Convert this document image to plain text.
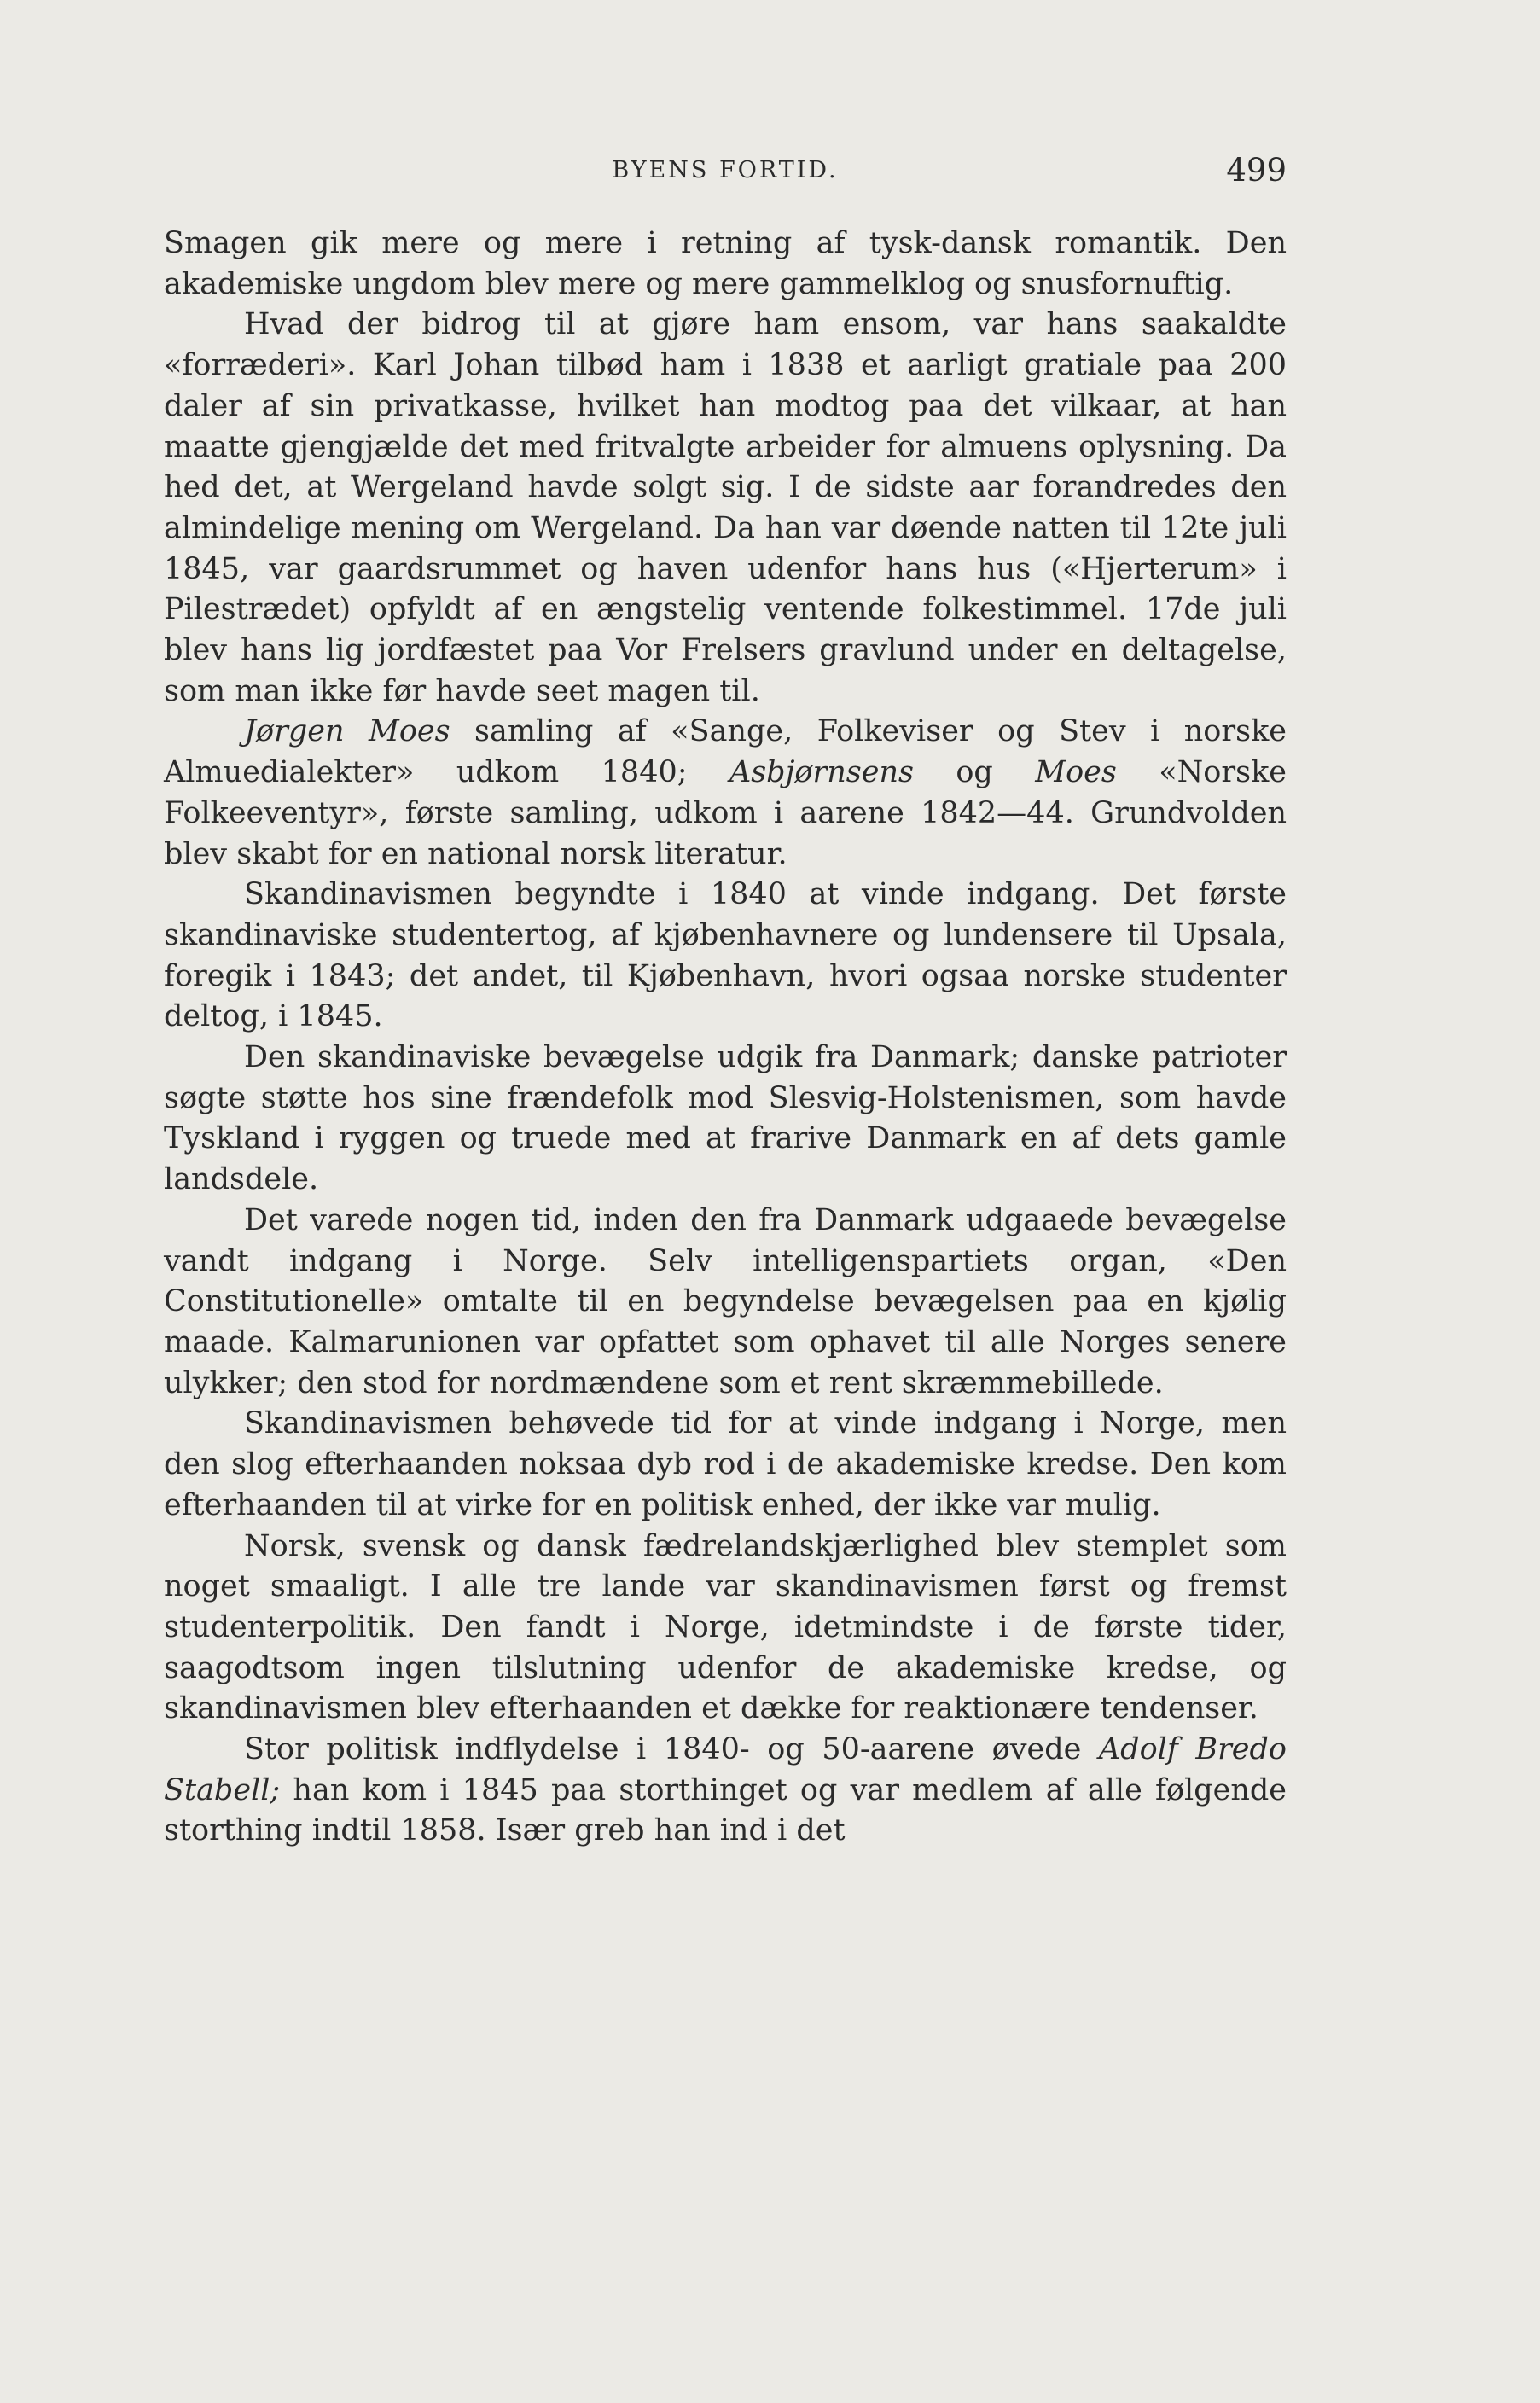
BYENS FORTID.	499

Smagen gik mere og mere i retning af tysk-dansk romantik. Den akademiske ungdom blev mere og mere gammelklog og snusfornuftig.

Hvad der bidrog til at gjøre ham ensom, var hans saakaldte «forræderi». Karl Johan tilbød ham i 1838 et aarligt gratiale paa 200 daler af sin privatkasse, hvilket han modtog paa det vilkaar, at han maatte gjengjælde det med fritvalgte arbeider for almuens oplysning. Da hed det, at Wergeland havde solgt sig. I de sidste aar forandredes den almindelige mening om Wergeland. Da han var døende natten til 12te juli 1845, var gaardsrummet og haven udenfor hans hus («Hjerterum» i Pilestrædet) opfyldt af en ængstelig ventende folkestimmel. 17de juli blev hans lig jordfæstet paa Vor Frelsers gravlund under en deltagelse, som man ikke før havde seet magen til.

Jørgen Moes samling af «Sange, Folkeviser og Stev i norske Almuedialekter» udkom 1840; Asbjørnsens og Moes «Norske Folkeeventyr», første samling, udkom i aarene 1842—44. Grundvolden blev skabt for en national norsk literatur.

Skandinavismen begyndte i 1840 at vinde indgang. Det første skandinaviske studentertog, af kjøbenhavnere og lundensere til Upsala, foregik i 1843; det andet, til Kjøbenhavn, hvori ogsaa norske studenter deltog, i 1845.

Den skandinaviske bevægelse udgik fra Danmark; danske patrioter søgte støtte hos sine frændefolk mod Slesvig-Holstenismen, som havde Tyskland i ryggen og truede med at frarive Danmark en af dets gamle landsdele.

Det varede nogen tid, inden den fra Danmark udgaaede bevægelse vandt indgang i Norge. Selv intelligenspartiets organ, «Den Constitutionelle» omtalte til en begyndelse bevægelsen paa en kjølig maade. Kalmarunionen var opfattet som ophavet til alle Norges senere ulykker; den stod for nordmændene som et rent skræmmebillede.

Skandinavismen behøvede tid for at vinde indgang i Norge, men den slog efterhaanden noksaa dyb rod i de akademiske kredse. Den kom efterhaanden til at virke for en politisk enhed, der ikke var mulig.

Norsk, svensk og dansk fædrelandskjærlighed blev stemplet som noget smaaligt. I alle tre lande var skandinavismen først og fremst studenterpolitik. Den fandt i Norge, idetmindste i de første tider, saagodtsom ingen tilslutning udenfor de akademiske kredse, og skandinavismen blev efterhaanden et dække for reaktionære tendenser.

Stor politisk indflydelse i 1840- og 50-aarene øvede Adolf Bredo Stabell; han kom i 1845 paa storthinget og var medlem af alle følgende storthing indtil 1858. Især greb han ind i det
